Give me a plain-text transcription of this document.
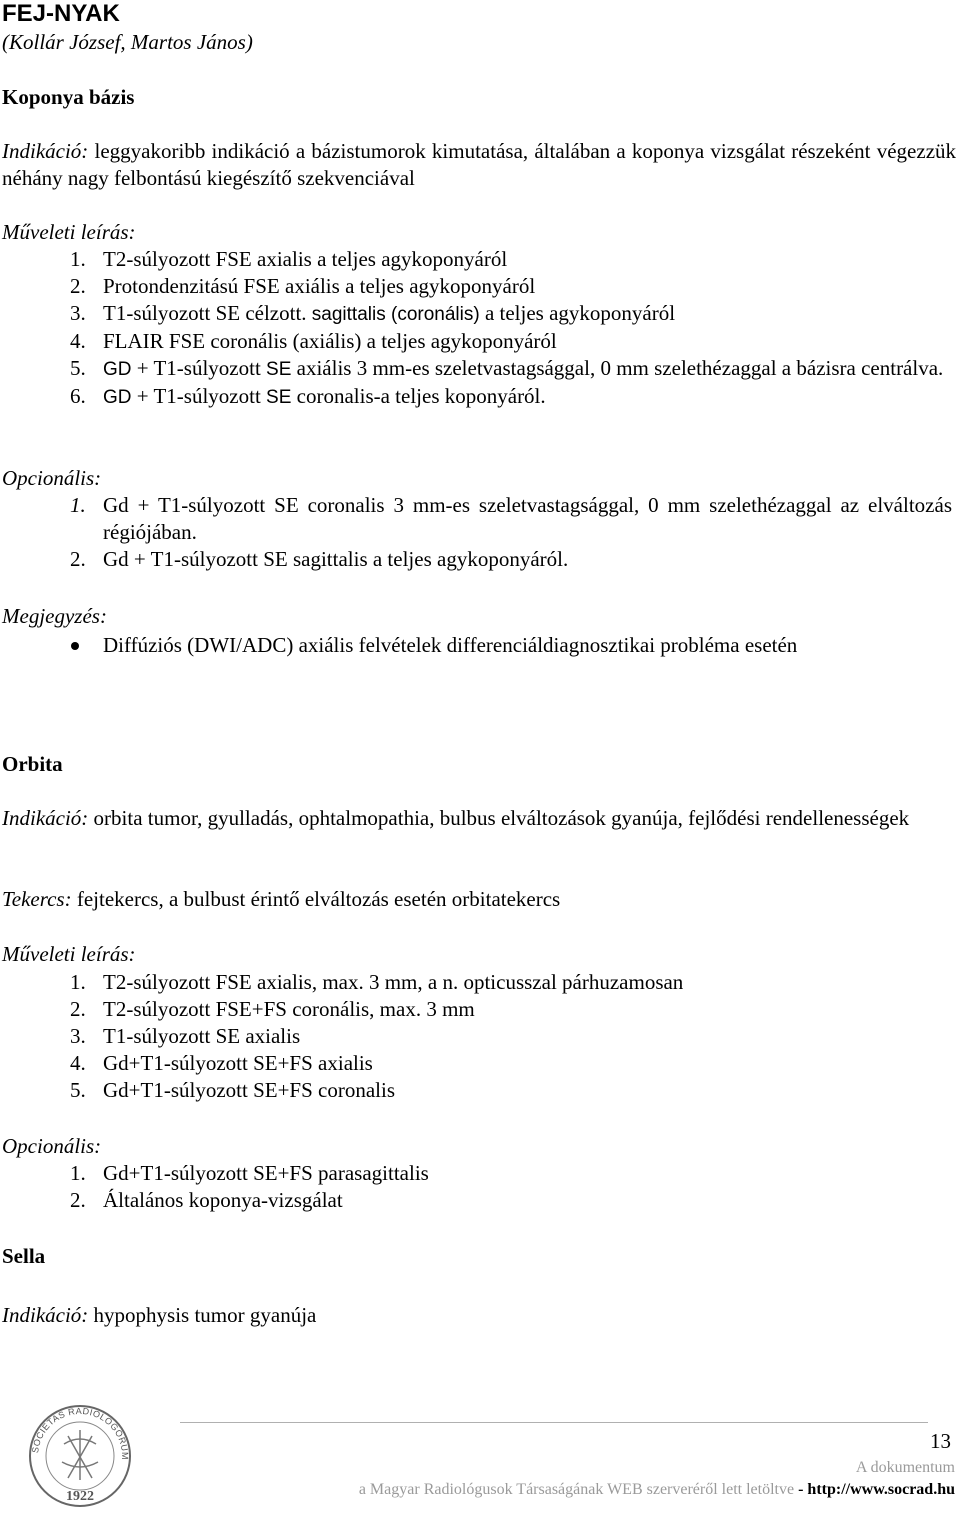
FEJ-NYAK
(Kollár József, Martos János)
Koponya bázis
Indikáció: leggyakoribb indikáció a bázistumorok kimutatása, általában a koponya vizsgálat részeként végezzük néhány nagy felbontású kiegészítő szekvenciával
Műveleti leírás:
1. T2-súlyozott FSE axialis a teljes agykoponyáról
2. Protondenzitású FSE axiális a teljes agykoponyáról
3. T1-súlyozott SE célzott. sagittalis (coronális) a teljes agykoponyáról
4. FLAIR FSE coronális (axiális) a teljes agykoponyáról
5. GD + T1-súlyozott SE axiális 3 mm-es szeletvastagsággal, 0 mm szelethézaggal a bázisra centrálva.
6. GD + T1-súlyozott SE coronalis-a teljes koponyáról.
Opcionális:
1. Gd + T1-súlyozott SE coronalis 3 mm-es szeletvastagsággal, 0 mm szelethézaggal az elváltozás régiójában.
2. Gd + T1-súlyozott SE sagittalis a teljes agykoponyáról.
Megjegyzés:
Diffúziós (DWI/ADC) axiális felvételek differenciáldiagnosztikai probléma esetén
Orbita
Indikáció: orbita tumor, gyulladás, ophtalmopathia, bulbus elváltozások gyanúja, fejlődési rendellenességek
Tekercs: fejtekercs, a bulbust érintő elváltozás esetén orbitatekercs
Műveleti leírás:
1. T2-súlyozott FSE axialis, max. 3 mm, a n. opticusszal párhuzamosan
2. T2-súlyozott FSE+FS coronális, max. 3 mm
3. T1-súlyozott SE axialis
4. Gd+T1-súlyozott SE+FS axialis
5. Gd+T1-súlyozott SE+FS coronalis
Opcionális:
1. Gd+T1-súlyozott SE+FS parasagittalis
2. Általános koponya-vizsgálat
Sella
Indikáció: hypophysis tumor gyanúja
SOCIETAS RADIOLOGORUM
1922
13
A dokumentum
a Magyar Radiológusok Társaságának WEB szerveréről lett letöltve - http://www.socrad.hu
